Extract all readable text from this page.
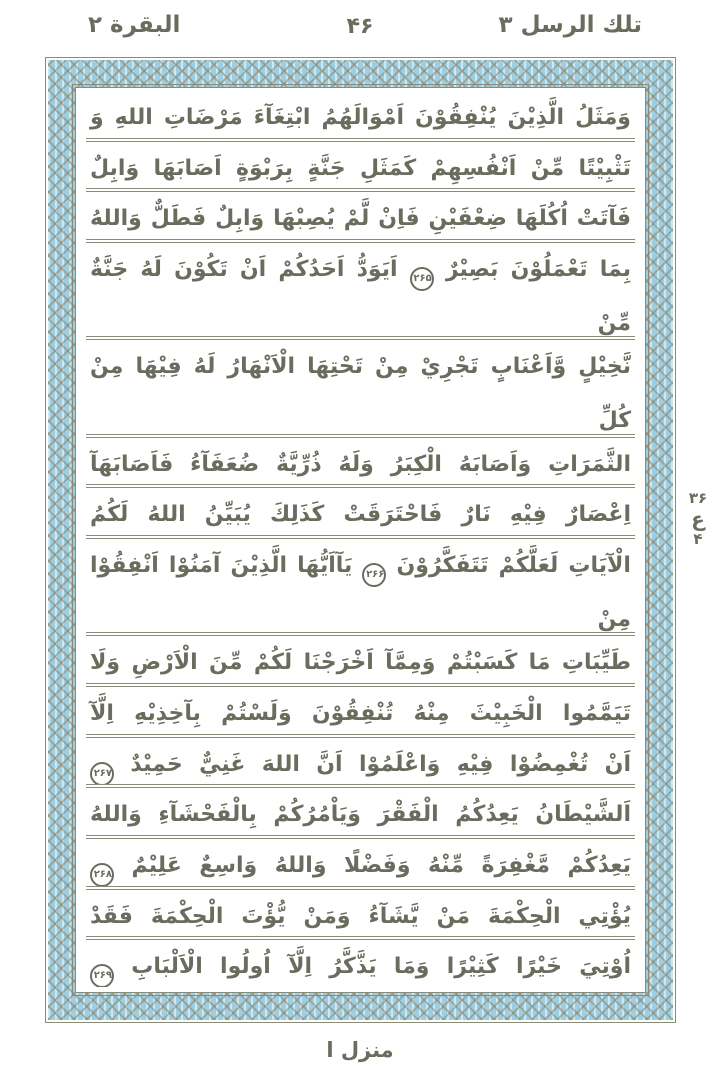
تلك الرسل ٣
۴۶
البقرة ٢
وَمَثَلُ الَّذِيْنَ يُنْفِقُوْنَ اَمْوَالَهُمُ ابْتِغَآءَ مَرْضَاتِ اللهِ وَ
تَثْبِيْتًا مِّنْ اَنْفُسِهِمْ كَمَثَلِ جَنَّةٍ بِرَبْوَةٍ اَصَابَهَا وَابِلٌ
فَآتَتْ اُكُلَهَا ضِعْفَيْنِ فَاِنْ لَّمْ يُصِبْهَا وَابِلٌ فَطَلٌّ وَاللهُ
بِمَا تَعْمَلُوْنَ بَصِيْرٌ ۲۶۵ اَيَوَدُّ اَحَدُكُمْ اَنْ تَكُوْنَ لَهُ جَنَّةٌ مِّنْ
نَّخِيْلٍ وَّاَعْنَابٍ تَجْرِيْ مِنْ تَحْتِهَا الْاَنْهَارُ لَهُ فِيْهَا مِنْ كُلِّ
الثَّمَرَاتِ وَاَصَابَهُ الْكِبَرُ وَلَهُ ذُرِّيَّةٌ ضُعَفَآءُ فَاَصَابَهَآ
اِعْصَارٌ فِيْهِ نَارٌ فَاحْتَرَقَتْ كَذَلِكَ يُبَيِّنُ اللهُ لَكُمُ
الْآيَاتِ لَعَلَّكُمْ تَتَفَكَّرُوْنَ ۲۶۶ يَآاَيُّهَا الَّذِيْنَ آمَنُوْا اَنْفِقُوْا مِنْ
طَيِّبَاتِ مَا كَسَبْتُمْ وَمِمَّآ اَخْرَجْنَا لَكُمْ مِّنَ الْاَرْضِ وَلَا
تَيَمَّمُوا الْخَبِيْثَ مِنْهُ تُنْفِقُوْنَ وَلَسْتُمْ بِآخِذِيْهِ اِلَّآ
اَنْ تُغْمِضُوْا فِيْهِ وَاعْلَمُوْا اَنَّ اللهَ غَنِيٌّ حَمِيْدٌ ۲۶۷
اَلشَّيْطَانُ يَعِدُكُمُ الْفَقْرَ وَيَاْمُرُكُمْ بِالْفَحْشَآءِ وَاللهُ
يَعِدُكُمْ مَّغْفِرَةً مِّنْهُ وَفَضْلًا وَاللهُ وَاسِعٌ عَلِيْمٌ ۲۶۸
يُؤْتِي الْحِكْمَةَ مَنْ يَّشَآءُ وَمَنْ يُّؤْتَ الْحِكْمَةَ فَقَدْ
اُوْتِيَ خَيْرًا كَثِيْرًا وَمَا يَذَّكَّرُ اِلَّآ اُولُوا الْاَلْبَابِ ۲۶۹
۳۶
ع
۴
منزل ا
